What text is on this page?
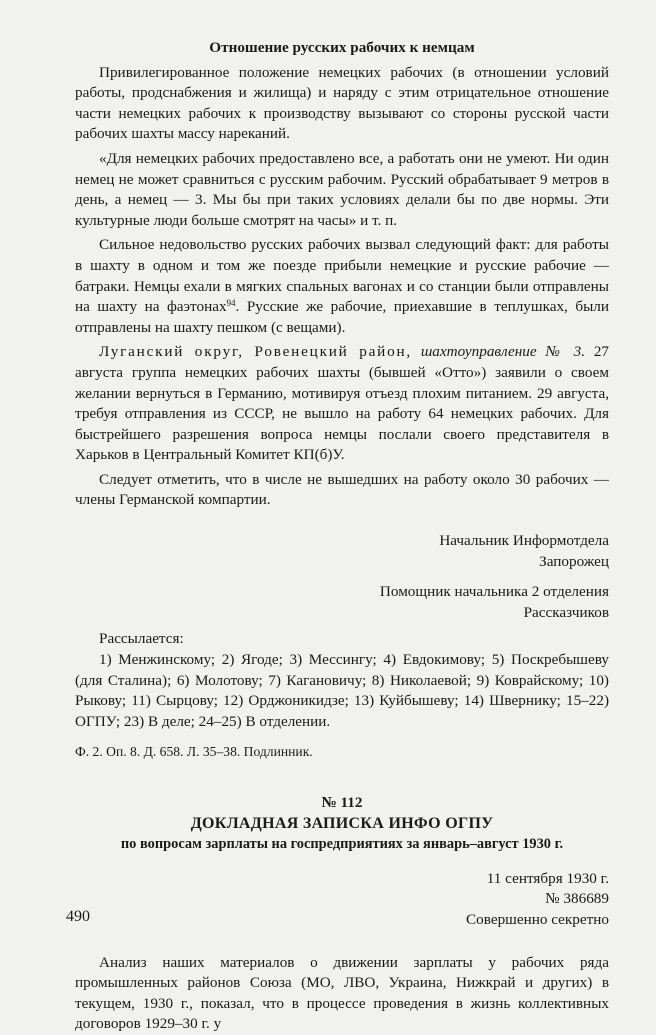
Отношение русских рабочих к немцам

Привилегированное положение немецких рабочих (в отношении условий работы, продснабжения и жилища) и наряду с этим отрицательное отношение части немецких рабочих к производству вызывают со стороны русской части рабочих шахты массу нареканий.

«Для немецких рабочих предоставлено все, а работать они не умеют. Ни один немец не может сравниться с русским рабочим. Русский обрабатывает 9 метров в день, а немец — 3. Мы бы при таких условиях делали бы по две нормы. Эти культурные люди больше смотрят на часы» и т. п.

Сильное недовольство русских рабочих вызвал следующий факт: для работы в шахту в одном и том же поезде прибыли немецкие и русские рабочие — батраки. Немцы ехали в мягких спальных вагонах и со станции были отправлены на шахту на фаэтонах$^{94}$. Русские же рабочие, приехавшие в теплушках, были отправлены на шахту пешком (с вещами).

Луганский округ, Ровенецкий район, шахтоуправление № 3. 27 августа группа немецких рабочих шахты (бывшей «Отто») заявили о своем желании вернуться в Германию, мотивируя отъезд плохим питанием. 29 августа, требуя отправления из СССР, не вышло на работу 64 немецких рабочих. Для быстрейшего разрешения вопроса немцы послали своего представителя в Харьков в Центральный Комитет КП(б)У.

Следует отметить, что в числе не вышедших на работу около 30 рабочих — члены Германской компартии.

Начальник Информотдела
Запорожец
Помощник начальника 2 отделения
Рассказчиков
Рассылается:
1) Менжинскому; 2) Ягоде; 3) Мессингу; 4) Евдокимову; 5) Поскребышеву (для Сталина); 6) Молотову; 7) Кагановичу; 8) Николаевой; 9) Коврайскому; 10) Рыкову; 11) Сырцову; 12) Орджоникидзе; 13) Куйбышеву; 14) Швернику; 15–22) ОГПУ; 23) В деле; 24–25) В отделении.
Ф. 2. Оп. 8. Д. 658. Л. 35–38. Подлинник.
№ 112
ДОКЛАДНАЯ ЗАПИСКА ИНФО ОГПУ
по вопросам зарплаты на госпредприятиях за январь–август 1930 г.
11 сентября 1930 г.
№ 386689
Совершенно секретно

Анализ наших материалов о движении зарплаты у рабочих ряда промышленных районов Союза (МО, ЛВО, Украина, Нижкрай и других) в текущем, 1930 г., показал, что в процессе проведения в жизнь коллективных договоров 1929–30 г. у

490
